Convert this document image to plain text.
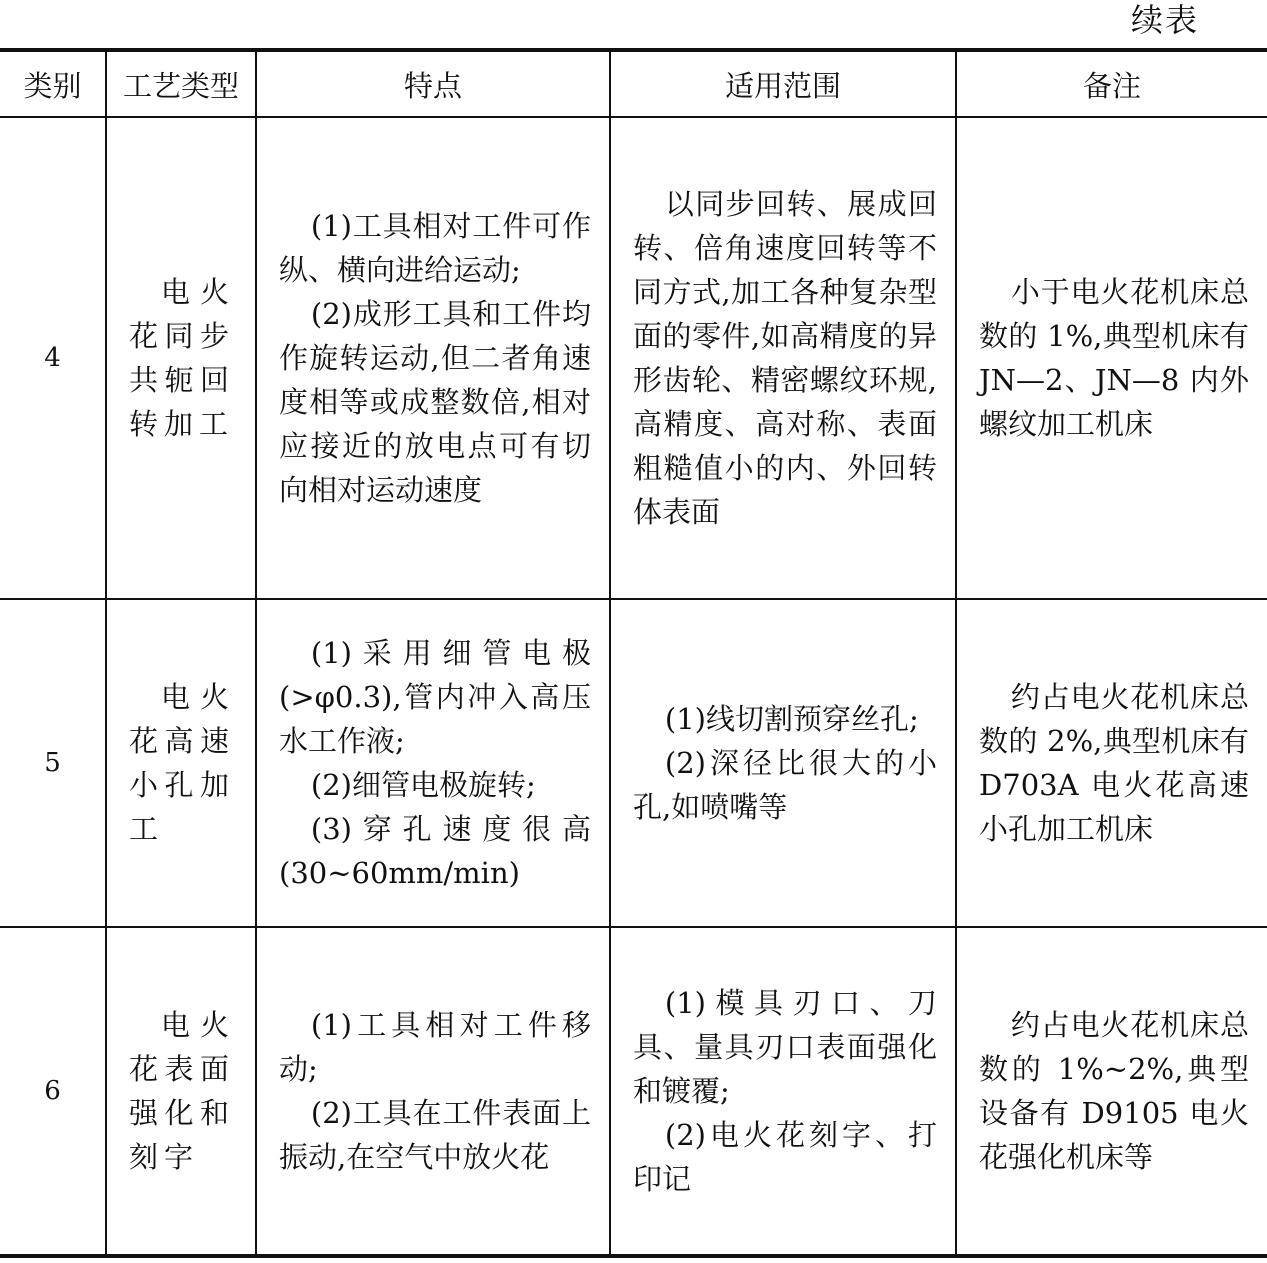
续表
类别	工艺类型	特点	适用范围	备注
4	电火花同步共轭回转加工	(1)工具相对工件可作纵、横向进给运动;
(2)成形工具和工件均作旋转运动,但二者角速度相等或成整数倍,相对应接近的放电点可有切向相对运动速度	以同步回转、展成回转、倍角速度回转等不同方式,加工各种复杂型面的零件,如高精度的异形齿轮、精密螺纹环规,高精度、高对称、表面粗糙值小的内、外回转体表面	小于电火花机床总数的 1%,典型机床有 JN—2、JN—8 内外螺纹加工机床

5	电火花高速小孔加工	(1)采用细管电极(>φ0.3),管内冲入高压水工作液;
(2)细管电极旋转;
(3)穿孔速度很高(30~60mm/min)	(1)线切割预穿丝孔;
(2)深径比很大的小孔,如喷嘴等	约占电火花机床总数的 2%,典型机床有 D703A 电火花高速小孔加工机床

6	电火花表面强化和刻字	(1)工具相对工件移动;
(2)工具在工件表面上振动,在空气中放火花	(1)模具刃口、刀具、量具刃口表面强化和镀覆;
(2)电火花刻字、打印记	约占电火花机床总数的 1%~2%,典型设备有 D9105 电火花强化机床等
